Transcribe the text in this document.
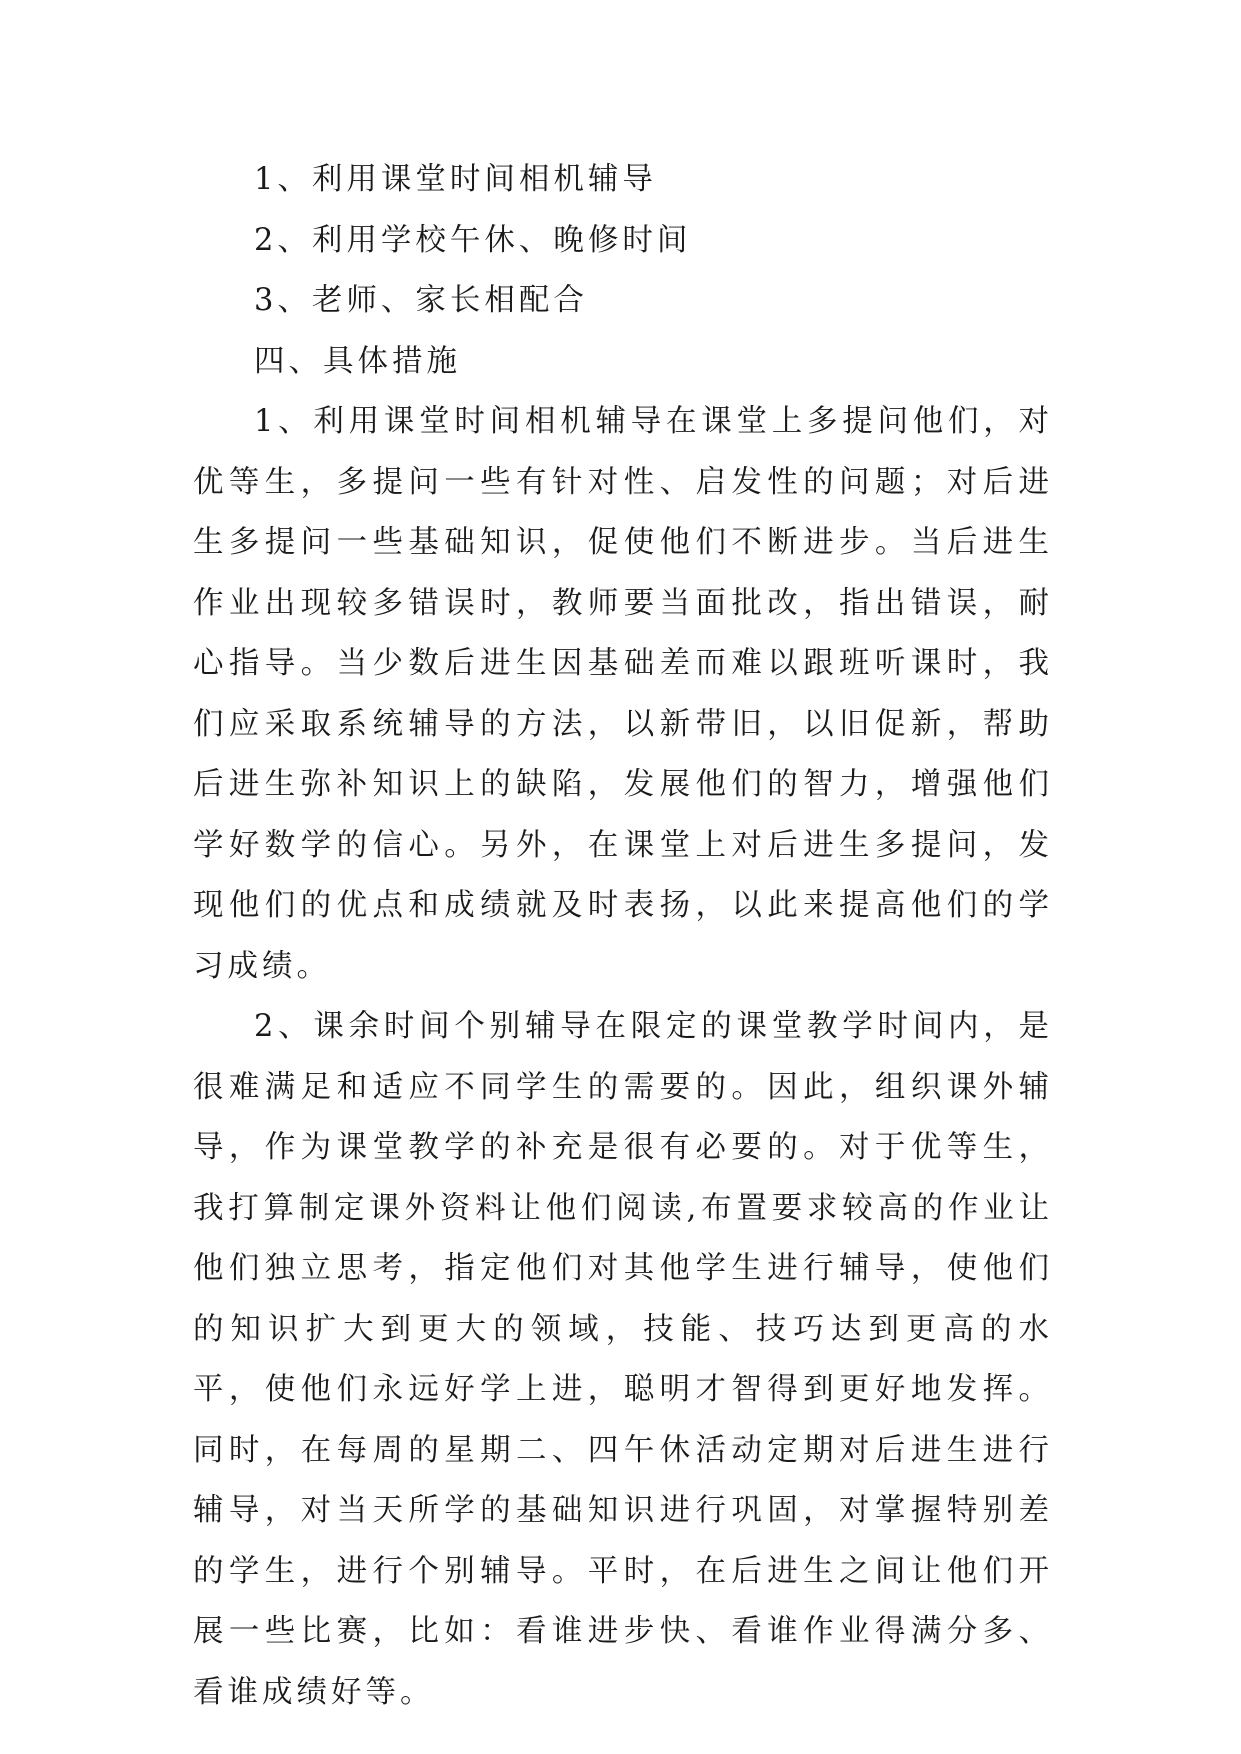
1、利用课堂时间相机辅导

2、利用学校午休、晚修时间

3、老师、家长相配合

四、具体措施

1、利用课堂时间相机辅导在课堂上多提问他们，对优等生，多提问一些有针对性、启发性的问题；对后进生多提问一些基础知识，促使他们不断进步。当后进生作业出现较多错误时，教师要当面批改，指出错误，耐心指导。当少数后进生因基础差而难以跟班听课时，我们应采取系统辅导的方法，以新带旧，以旧促新，帮助后进生弥补知识上的缺陷，发展他们的智力，增强他们学好数学的信心。另外，在课堂上对后进生多提问，发现他们的优点和成绩就及时表扬，以此来提高他们的学习成绩。

2、课余时间个别辅导在限定的课堂教学时间内，是很难满足和适应不同学生的需要的。因此，组织课外辅导，作为课堂教学的补充是很有必要的。对于优等生，我打算制定课外资料让他们阅读,布置要求较高的作业让他们独立思考，指定他们对其他学生进行辅导，使他们的知识扩大到更大的领域，技能、技巧达到更高的水平，使他们永远好学上进，聪明才智得到更好地发挥。同时，在每周的星期二、四午休活动定期对后进生进行辅导，对当天所学的基础知识进行巩固，对掌握特别差的学生，进行个别辅导。平时，在后进生之间让他们开展一些比赛，比如：看谁进步快、看谁作业得满分多、看谁成绩好等。
